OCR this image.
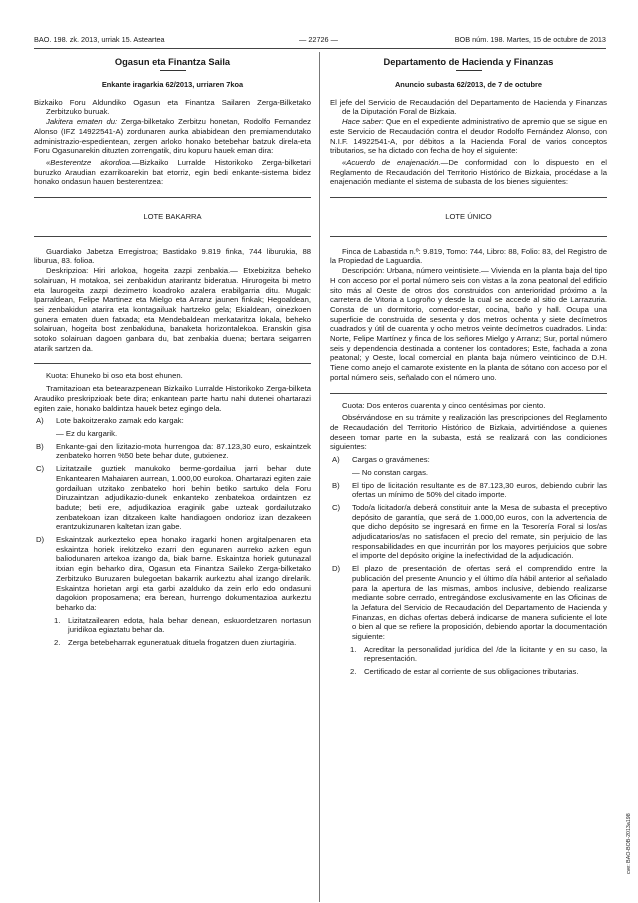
BAO. 198. zk. 2013, urriak 15. Asteartea	— 22726 —	BOB núm. 198. Martes, 15 de octubre de 2013

Ogasun eta Finantza Saila

Enkante iragarkia 62/2013, urriaren 7koa

Bizkaiko Foru Aldundiko Ogasun eta Finantza Sailaren Zerga-Bilketako Zerbitzuko buruak.

Jakitera ematen du: Zerga-bilketako Zerbitzu honetan, Rodolfo Fernandez Alonso (IFZ 14922541-A) zordunaren aurka abiabidean den premiamendutako administrazio-espedientean, zergen arloko honako betebehar batzuk direla-eta Foru Ogasunarekin dituzten zorrengatik, diru kopuru hauek eman dira:

«Besterentze akordioa.—Bizkaiko Lurralde Historikoko Zerga-bilketari buruzko Araudian ezarrikoarekin bat etorriz, egin bedi enkante-sistema bidez honako ondasun hauen besterentzea:

LOTE BAKARRA

Guardiako Jabetza Erregistroa; Bastidako 9.819 finka, 744 liburukia, 88 liburua, 83. folioa.

Deskripzioa: Hiri arlokoa, hogeita zazpi zenbakia.— Etxebizitza beheko solairuan, H motakoa, sei zenbakidun atarirantz bideratua. Hirurogeita bi metro eta laurogeita zazpi dezimetro koadroko azalera erabilgarria ditu. Mugak: Iparraldean, Felipe Martinez eta Mielgo eta Arranz jaunen finkak; Hegoaldean, sei zenbakidun atarira eta kontagailuak hartzeko gela; Ekialdean, oinezkoen gunera ematen duen fatxada; eta Mendebaldean merkataritza lokala, beheko solairuan, hogeita bost zenbakiduna, banaketa horizontalekoa. Eranskin gisa sotoko solairuan dagoen ganbara du, bat zenbakia duena; bertara seigarren atarik sartzen da.

Kuota: Ehuneko bi oso eta bost ehunen.

Tramitazioan eta betearazpenean Bizkaiko Lurralde Historikoko Zerga-bilketa Araudiko preskripzioak bete dira; enkantean parte hartu nahi dutenei ohartarazi egiten zaie, honako baldintza hauek betez egingo dela.

A)	Lote bakoitzerako zamak edo kargak:

— Ez du kargarik.

B)	Enkante-gai den lizitazio-mota hurrengoa da: 87.123,30 euro, eskaintzek zenbateko horren %50 bete behar dute, gutxienez.
C)	Lizitatzaile guztiek manukoko berme-gordailua jarri behar dute Enkantearen Mahaiaren aurrean, 1.000,00 eurokoa. Ohartarazi egiten zaie gordailuan utzitako zenbateko hori behin betiko sartuko dela Foru Diruzaintzan adjudikazio-dunek enkanteko zenbatekoa ordaintzen ez badute; beti ere, adjudikazioa eraginik gabe uzteak gordailutzako zenbatekoan izan ditzakeen kalte handiagoen ondorioz izan dezakeen erantzukizunaren kaltetan izan gabe.
D)	Eskaintzak aurkezteko epea honako iragarki honen argitalpenaren eta eskaintza horiek irekitzeko ezarri den egunaren aurreko azken egun baliodunaren artekoa izango da, biak barne. Eskaintza horiek gutunazal itxian egin beharko dira, Ogasun eta Finantza Saileko Zerga-bilketako Zerbitzuko Buruzaren bulegoetan bakarrik aurkeztu ahal izango direlarik. Eskaintza horietan argi eta garbi azalduko da zein erlo edo ondasuni dagokion proposamena; era berean, hurrengo dokumentazioa aurkeztu beharko da:
1. Lizitatzailearen edota, hala behar denean, eskuordetzaren nortasun juridikoa egiaztatu behar da.
2. Zerga betebeharrak eguneratuak dituela frogatzen duen ziurtagiria.

Departamento de Hacienda y Finanzas

Anuncio subasta 62/2013, de 7 de octubre

El jefe del Servicio de Recaudación del Departamento de Hacienda y Finanzas de la Diputación Foral de Bizkaia.

Hace saber: Que en el expediente administrativo de apremio que se sigue en este Servicio de Recaudación contra el deudor Rodolfo Fernández Alonso, con N.I.F. 14922541-A, por débitos a la Hacienda Foral de varios conceptos tributarios, se ha dictado con fecha de hoy el siguiente:

«Acuerdo de enajenación.—De conformidad con lo dispuesto en el Reglamento de Recaudación del Territorio Histórico de Bizkaia, procédase a la enajenación mediante el sistema de subasta de los bienes siguientes:

LOTE ÚNICO

Finca de Labastida n.º: 9.819, Tomo: 744, Libro: 88, Folio: 83, del Registro de la Propiedad de Laguardia.

Descripción: Urbana, número veintisiete.— Vivienda en la planta baja del tipo H con acceso por el portal número seis con vistas a la zona peatonal del edificio sito más al Oeste de otros dos construidos con anterioridad próximo a la carretera de Vitoria a Logroño y desde la cual se accede al sitio de Larrazuria. Consta de un dormitorio, comedor-estar, cocina, baño y hall. Ocupa una superficie de construida de sesenta y dos metros ochenta y siete decímetros cuadrados y útil de cuarenta y ocho metros veinte decímetros cuadrados. Linda: Norte, Felipe Martínez y finca de los señores Mielgo y Arranz; Sur, portal número seis y dependencia destinada a contener los contadores; Este, fachada a zona peatonal; y Oeste, local comercial en planta baja número veinticinco de D.H. Tiene como anejo el camarote existente en la planta de sótano con acceso por el portal número seis, señalado con el número uno.

Cuota: Dos enteros cuarenta y cinco centésimas por ciento.

Obsérvándose en su trámite y realización las prescripciones del Reglamento de Recaudación del Territorio Histórico de Bizkaia, advirtiéndose a quienes deseen tomar parte en la subasta, está se realizará con las condiciones siguientes:

A)	Cargas o gravámenes:

— No constan cargas.

B)	El tipo de licitación resultante es de 87.123,30 euros, debiendo cubrir las ofertas un mínimo de 50% del citado importe.
C)	Todo/a licitador/a deberá constituir ante la Mesa de subasta el preceptivo depósito de garantía, que será de 1.000,00 euros, con la advertencia de que dicho depósito se ingresará en firme en la Tesorería Foral si los/as adjudicatarios/as no satisfacen el precio del remate, sin perjuicio de las responsabilidades en que incurrirán por los mayores perjuicios que sobre el importe del depósito origine la inefectividad de la adjudicación.
D)	El plazo de presentación de ofertas será el comprendido entre la publicación del presente Anuncio y el último día hábil anterior al señalado para la apertura de las mismas, ambos inclusive, debiendo realizarse mediante sobre cerrado, entregándose exclusivamente en las Oficinas de la Jefatura del Servicio de Recaudación del Departamento de Hacienda y Finanzas, en dichas ofertas deberá indicarse de manera suficiente el lote o bien al que se refiere la proposición, debiendo aportar la documentación siguiente:
1. Acreditar la personalidad jurídica del /de la licitante y en su caso, la representación.
2. Certificado de estar al corriente de sus obligaciones tributarias.
cve: BAO-BOB-2013a198
